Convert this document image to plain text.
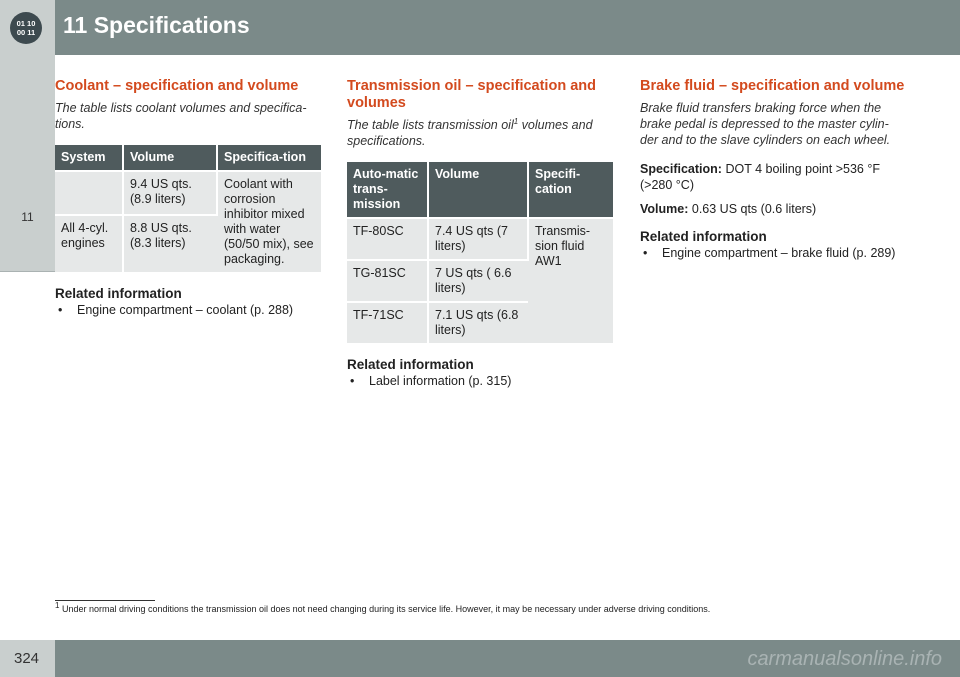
01 10
00 11 11 Specifications
11
Coolant – specification and volume

The table lists coolant volumes and specifica-tions.

System	Volume	Specifica-tion
	9.4 US qts. (8.9 liters)	Coolant with corrosion inhibitor mixed with water (50/50 mix), see packaging.
All 4-cyl. engines	8.8 US qts. (8.3 liters)	
Related information
• Engine compartment – coolant (p. 288)
Transmission oil – specification and volumes

The table lists transmission oil$^1$ volumes and specifications.

Auto-matic trans-mission	Volume	Specifi-cation
TF-80SC	7.4 US qts (7 liters)	Transmis-sion fluid AW1
TG-81SC	7 US qts ( 6.6 liters)	
TF-71SC	7.1 US qts (6.8 liters)	
Related information
• Label information (p. 315)
Brake fluid – specification and volume

Brake fluid transfers braking force when the brake pedal is depressed to the master cylin-der and to the slave cylinders on each wheel.

Specification: DOT 4 boiling point >536 °F (>280 °C)

Volume: 0.63 US qts (0.6 liters)

Related information
• Engine compartment – brake fluid (p. 289)
$^1$ Under normal driving conditions the transmission oil does not need changing during its service life. However, it may be necessary under adverse driving conditions.
324	carmanualsonline.info
